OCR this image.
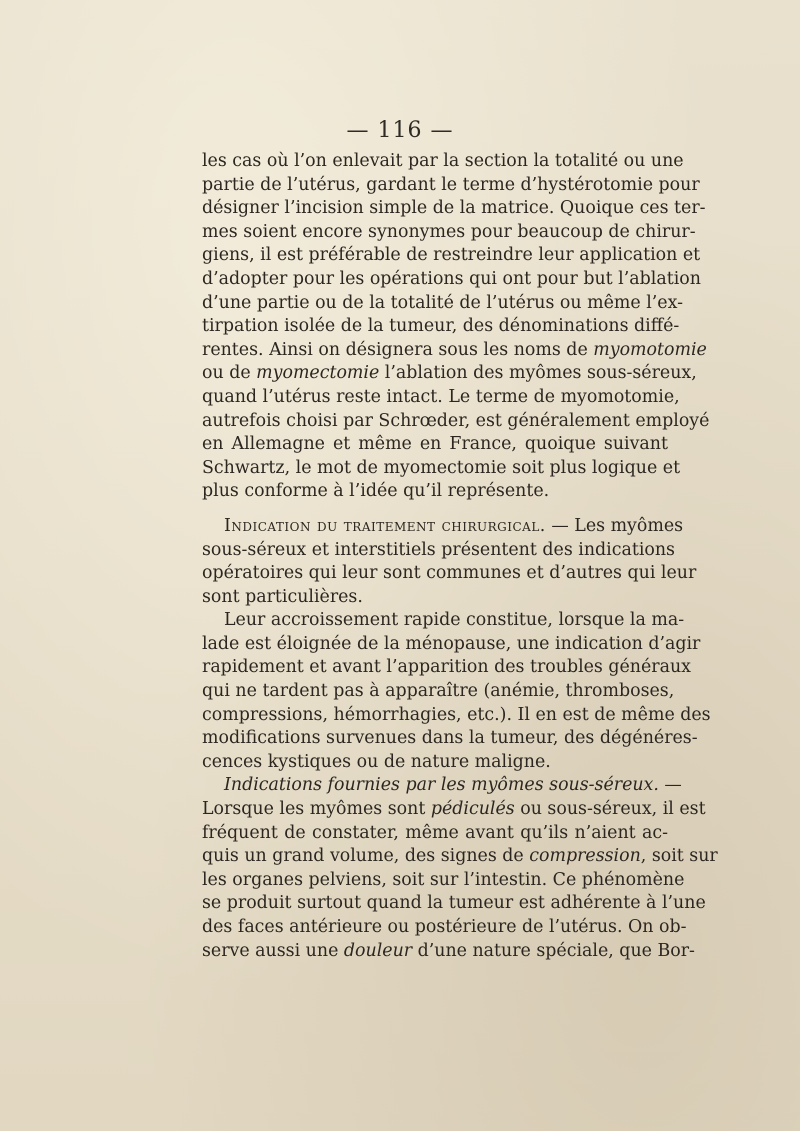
— 116 —
les cas où l’on enlevait par la section la totalité ou une
partie de l’utérus, gardant le terme d’hystérotomie pour
désigner l’incision simple de la matrice. Quoique ces ter-
mes soient encore synonymes pour beaucoup de chirur-
giens, il est préférable de restreindre leur application et
d’adopter pour les opérations qui ont pour but l’ablation
d’une partie ou de la totalité de l’utérus ou même l’ex-
tirpation isolée de la tumeur, des dénominations diffé-
rentes. Ainsi on désignera sous les noms de myomotomie
ou de myomectomie l’ablation des myômes sous-séreux,
quand l’utérus reste intact. Le terme de myomotomie,
autrefois choisi par Schrœder, est généralement employé
en Allemagne et même en France, quoique suivant
Schwartz, le mot de myomectomie soit plus logique et
plus conforme à l’idée qu’il représente.
Indication du traitement chirurgical. — Les myômes
sous-séreux et interstitiels présentent des indications
opératoires qui leur sont communes et d’autres qui leur
sont particulières.
Leur accroissement rapide constitue, lorsque la ma-
lade est éloignée de la ménopause, une indication d’agir
rapidement et avant l’apparition des troubles généraux
qui ne tardent pas à apparaître (anémie, thromboses,
compressions, hémorrhagies, etc.). Il en est de même des
modifications survenues dans la tumeur, des dégénéres-
cences kystiques ou de nature maligne.
Indications fournies par les myômes sous-séreux. —
Lorsque les myômes sont pédiculés ou sous-séreux, il est
fréquent de constater, même avant qu’ils n’aient ac-
quis un grand volume, des signes de compression, soit sur
les organes pelviens, soit sur l’intestin. Ce phénomène
se produit surtout quand la tumeur est adhérente à l’une
des faces antérieure ou postérieure de l’utérus. On ob-
serve aussi une douleur d’une nature spéciale, que Bor-
